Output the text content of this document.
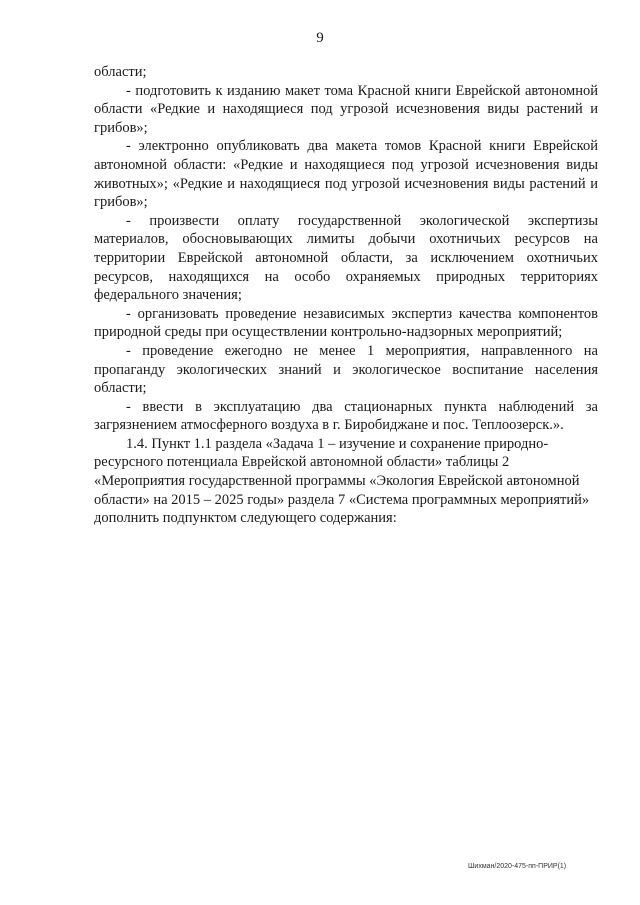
9

области;

- подготовить к изданию макет тома Красной книги Еврейской автономной области «Редкие и находящиеся под угрозой исчезновения виды растений и грибов»;

- электронно опубликовать два макета томов Красной книги Еврейской автономной области: «Редкие и находящиеся под угрозой исчезновения виды животных»; «Редкие и находящиеся под угрозой исчезновения виды растений и грибов»;

- произвести оплату государственной экологической экспертизы материалов, обосновывающих лимиты добычи охотничьих ресурсов на территории Еврейской автономной области, за исключением охотничьих ресурсов, находящихся на особо охраняемых природных территориях федерального значения;

- организовать проведение независимых экспертиз качества компонентов природной среды при осуществлении контрольно-надзорных мероприятий;

- проведение ежегодно не менее 1 мероприятия, направленного на пропаганду экологических знаний и экологическое воспитание населения области;

- ввести в эксплуатацию два стационарных пункта наблюдений за загрязнением атмосферного воздуха в г. Биробиджане и пос. Теплоозерск.».

1.4. Пункт 1.1 раздела «Задача 1 – изучение и сохранение природно-ресурсного потенциала Еврейской автономной области» таблицы 2 «Мероприятия государственной программы «Экология Еврейской автономной области» на 2015 – 2025 годы» раздела 7 «Система программных мероприятий» дополнить подпунктом следующего содержания:

Шихман/2020-475-пп-ПРИР(1)
